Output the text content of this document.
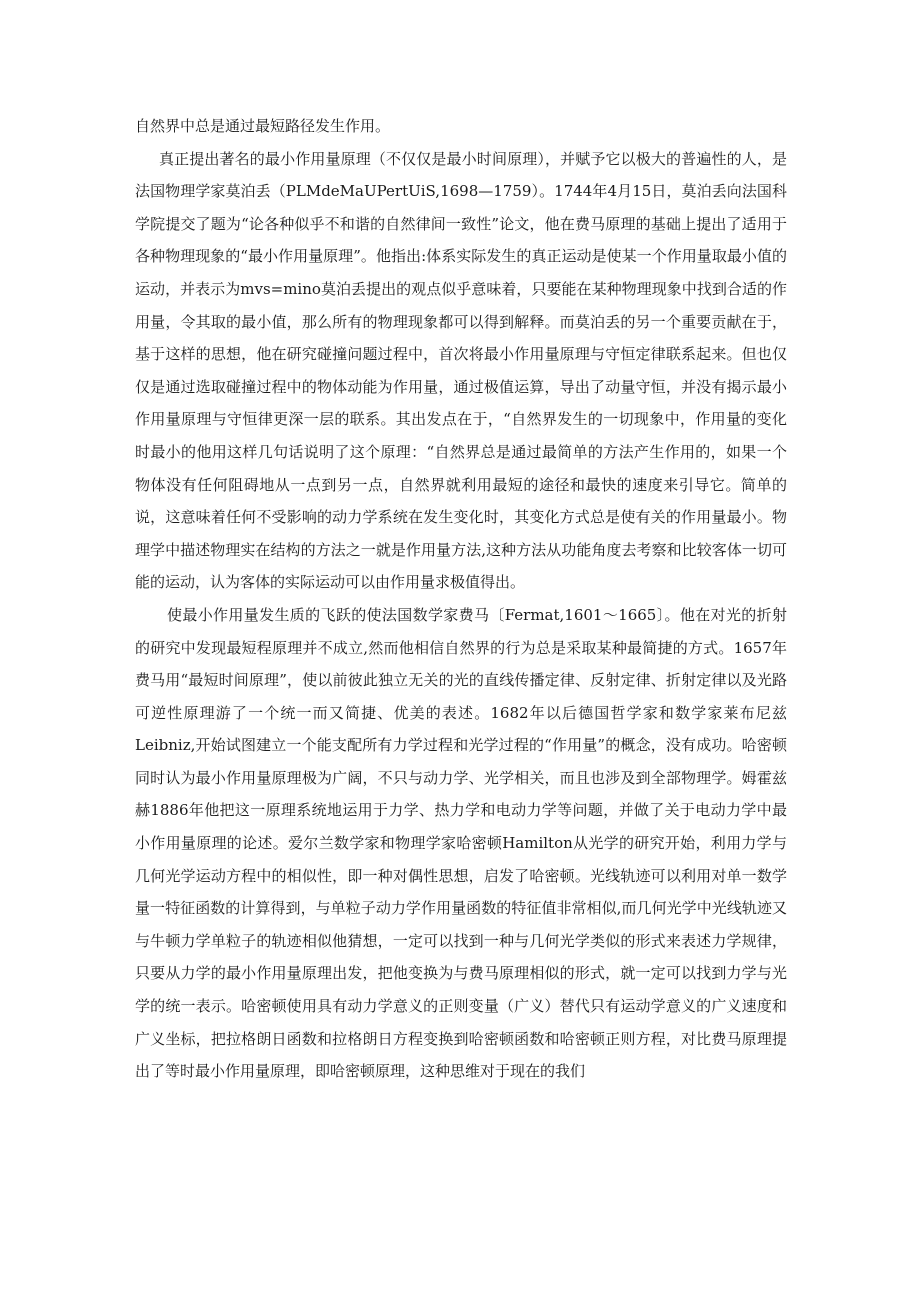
自然界中总是通过最短路径发生作用。

真正提出著名的最小作用量原理（不仅仅是最小时间原理），并赋予它以极大的普遍性的人，是法国物理学家莫泊丢（PLMdeMaUPertUiS,1698—1759）。1744年4月15日，莫泊丢向法国科学院提交了题为“论各种似乎不和谐的自然律间一致性”论文，他在费马原理的基础上提出了适用于各种物理现象的“最小作用量原理”。他指出:体系实际发生的真正运动是使某一个作用量取最小值的运动，并表示为mvs=mino莫泊丢提出的观点似乎意味着，只要能在某种物理现象中找到合适的作用量，令其取的最小值，那么所有的物理现象都可以得到解释。而莫泊丢的另一个重要贡献在于，基于这样的思想，他在研究碰撞问题过程中，首次将最小作用量原理与守恒定律联系起来。但也仅仅是通过选取碰撞过程中的物体动能为作用量，通过极值运算，导出了动量守恒，并没有揭示最小作用量原理与守恒律更深一层的联系。其出发点在于，“自然界发生的一切现象中，作用量的变化时最小的他用这样几句话说明了这个原理：“自然界总是通过最简单的方法产生作用的，如果一个物体没有任何阻碍地从一点到另一点，自然界就利用最短的途径和最快的速度来引导它。简单的说，这意味着任何不受影响的动力学系统在发生变化时，其变化方式总是使有关的作用量最小。物理学中描述物理实在结构的方法之一就是作用量方法,这种方法从功能角度去考察和比较客体一切可能的运动，认为客体的实际运动可以由作用量求极值得出。

使最小作用量发生质的飞跃的使法国数学家费马〔Fermat,1601～1665〕。他在对光的折射的研究中发现最短程原理并不成立,然而他相信自然界的行为总是采取某种最简捷的方式。1657年费马用“最短时间原理”，使以前彼此独立无关的光的直线传播定律、反射定律、折射定律以及光路可逆性原理游了一个统一而又简捷、优美的表述。1682年以后德国哲学家和数学家莱布尼兹Leibniz,开始试图建立一个能支配所有力学过程和光学过程的“作用量”的概念，没有成功。哈密顿同时认为最小作用量原理极为广阔，不只与动力学、光学相关，而且也涉及到全部物理学。姆霍兹赫1886年他把这一原理系统地运用于力学、热力学和电动力学等问题，并做了关于电动力学中最小作用量原理的论述。爱尔兰数学家和物理学家哈密顿Hamilton从光学的研究开始，利用力学与几何光学运动方程中的相似性，即一种对偶性思想，启发了哈密顿。光线轨迹可以利用对单一数学量一特征函数的计算得到，与单粒子动力学作用量函数的特征值非常相似,而几何光学中光线轨迹又与牛顿力学单粒子的轨迹相似他猜想，一定可以找到一种与几何光学类似的形式来表述力学规律，只要从力学的最小作用量原理出发，把他变换为与费马原理相似的形式，就一定可以找到力学与光学的统一表示。哈密顿使用具有动力学意义的正则变量（广义）替代只有运动学意义的广义速度和广义坐标，把拉格朗日函数和拉格朗日方程变换到哈密顿函数和哈密顿正则方程，对比费马原理提出了等时最小作用量原理，即哈密顿原理，这种思维对于现在的我们
